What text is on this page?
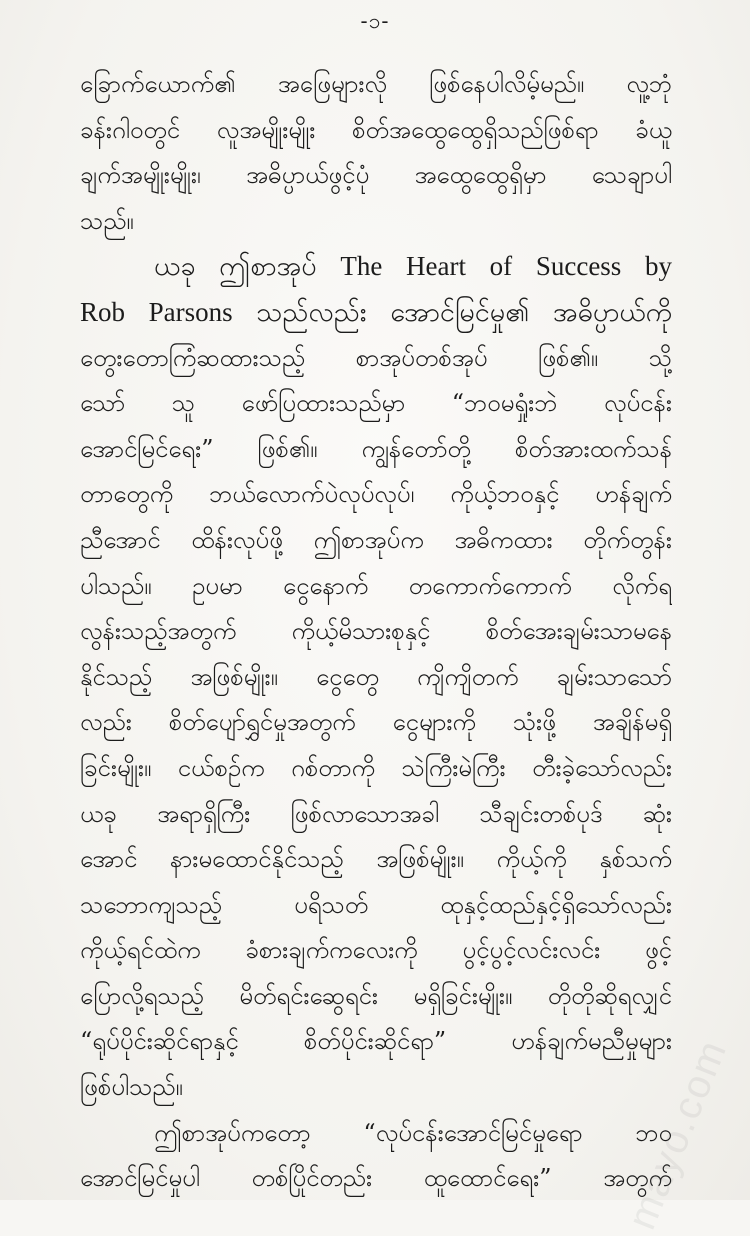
-၁-
ခြောက်ယောက်၏ အဖြေများလို ဖြစ်နေပါလိမ့်မည်။ လူ့ဘုံ
ခန်းဂါဝတွင် လူအမျိုးမျိုး စိတ်အထွေထွေရှိသည်ဖြစ်ရာ ခံယူ
ချက်အမျိုးမျိုး၊ အဓိပ္ပာယ်ဖွင့်ပုံ အထွေထွေရှိမှာ သေချာပါ
သည်။
ယခု ဤစာအုပ် The Heart of Success by
Rob Parsons သည်လည်း အောင်မြင်မှု၏ အဓိပ္ပာယ်ကို
တွေးတောကြံဆထားသည့် စာအုပ်တစ်အုပ် ဖြစ်၏။ သို့
သော် သူ ဖော်ပြထားသည်မှာ “ဘဝမရှုံးဘဲ လုပ်ငန်း
အောင်မြင်ရေး” ဖြစ်၏။ ကျွန်တော်တို့ စိတ်အားထက်သန်
တာတွေကို ဘယ်လောက်ပဲလုပ်လုပ်၊ ကိုယ့်ဘဝနှင့် ဟန်ချက်
ညီအောင် ထိန်းလုပ်ဖို့ ဤစာအုပ်က အဓိကထား တိုက်တွန်း
ပါသည်။ ဥပမာ ငွေနောက် တကောက်ကောက် လိုက်ရ
လွန်းသည့်အတွက် ကိုယ့်မိသားစုနှင့် စိတ်အေးချမ်းသာမနေ
နိုင်သည့် အဖြစ်မျိုး။ ငွေတွေ ကျိကျိတက် ချမ်းသာသော်
လည်း စိတ်ပျော်ရွှင်မှုအတွက် ငွေများကို သုံးဖို့ အချိန်မရှိ
ခြင်းမျိုး။ ငယ်စဉ်က ဂစ်တာကို သဲကြီးမဲကြီး တီးခဲ့သော်လည်း
ယခု အရာရှိကြီး ဖြစ်လာသောအခါ သီချင်းတစ်ပုဒ် ဆုံး
အောင် နားမထောင်နိုင်သည့် အဖြစ်မျိုး။ ကိုယ့်ကို နှစ်သက်
သဘောကျသည့် ပရိသတ် ထုနှင့်ထည်နှင့်ရှိသော်လည်း
ကိုယ့်ရင်ထဲက ခံစားချက်ကလေးကို ပွင့်ပွင့်လင်းလင်း ဖွင့်
ပြောလို့ရသည့် မိတ်ရင်းဆွေရင်း မရှိခြင်းမျိုး။ တိုတိုဆိုရလျှင်
“ရုပ်ပိုင်းဆိုင်ရာနှင့် စိတ်ပိုင်းဆိုင်ရာ” ဟန်ချက်မညီမှုများ
ဖြစ်ပါသည်။
ဤစာအုပ်ကတော့ “လုပ်ငန်းအောင်မြင်မှုရော ဘဝ
အောင်မြင်မှုပါ တစ်ပြိုင်တည်း ထူထောင်ရေး” အတွက်
mayo.com
